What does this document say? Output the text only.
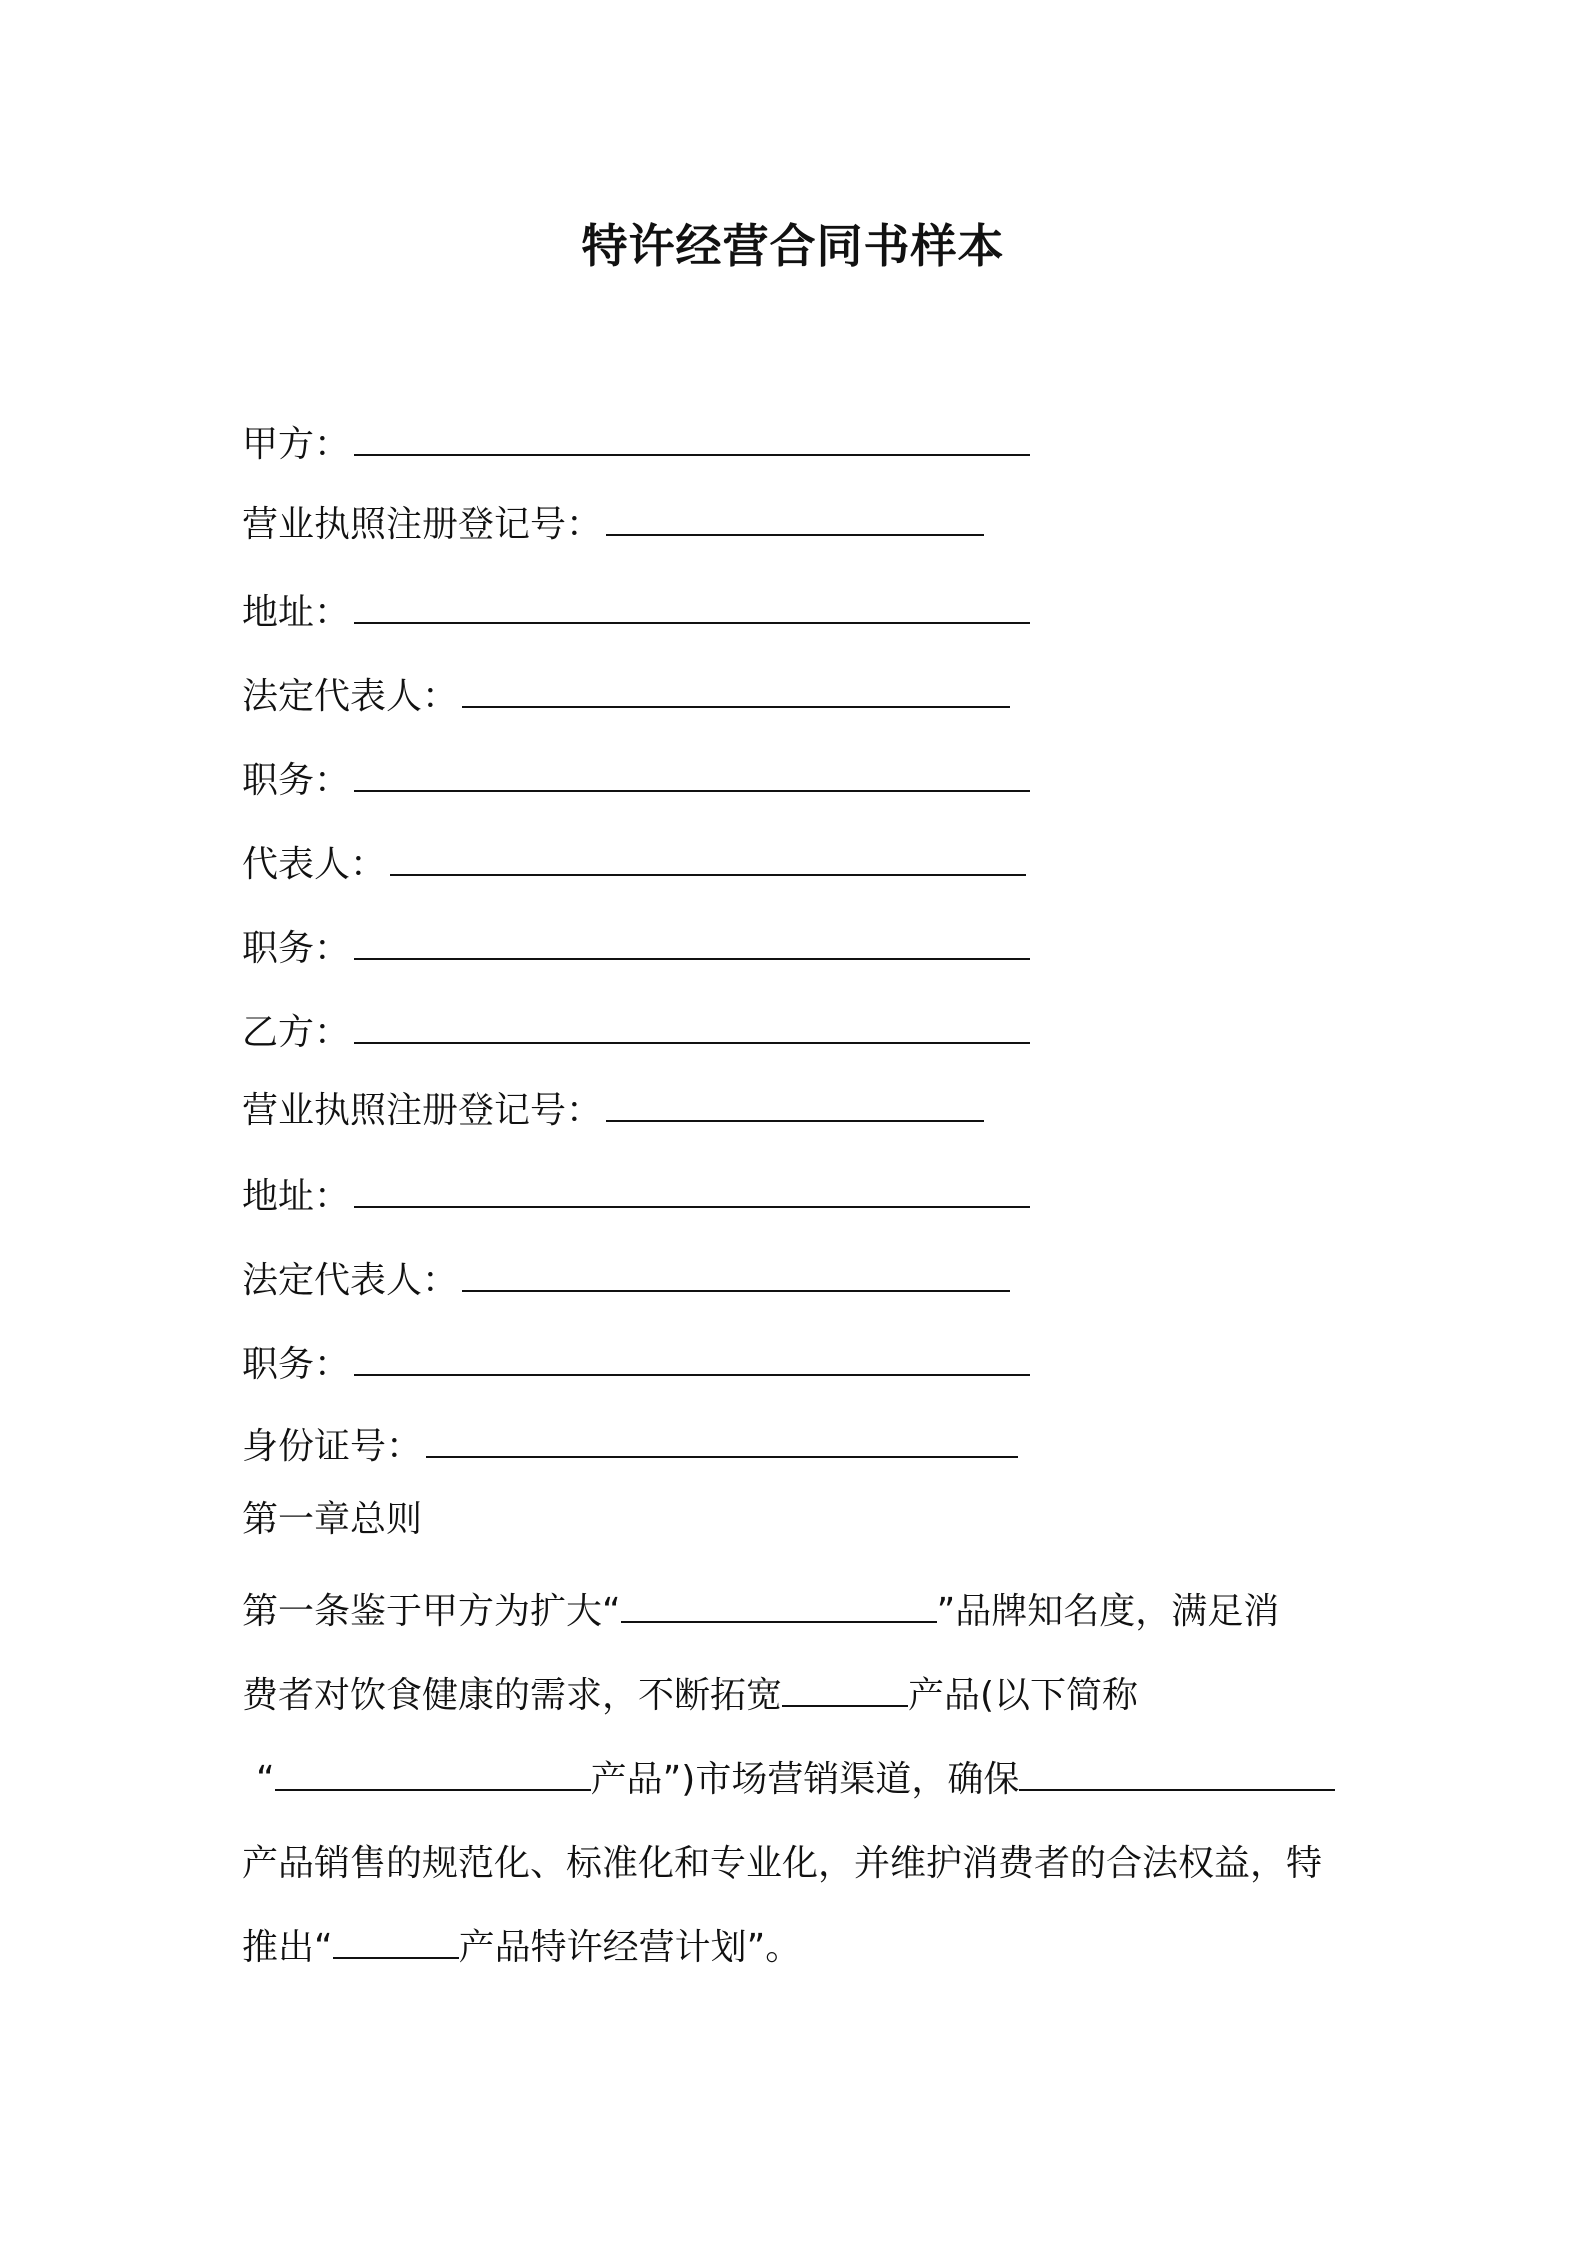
特许经营合同书样本
甲方：
营业执照注册登记号：
地址：
法定代表人：
职务：
代表人：
职务：
乙方：
营业执照注册登记号：
地址：
法定代表人：
职务：
身份证号：
第一章总则
第一条鉴于甲方为扩大“	”品牌知名度，满足消
费者对饮食健康的需求，不断拓宽	产品(以下简称
“	产品”)市场营销渠道，确保
产品销售的规范化、标准化和专业化，并维护消费者的合法权益，特
推出“	产品特许经营计划”。
